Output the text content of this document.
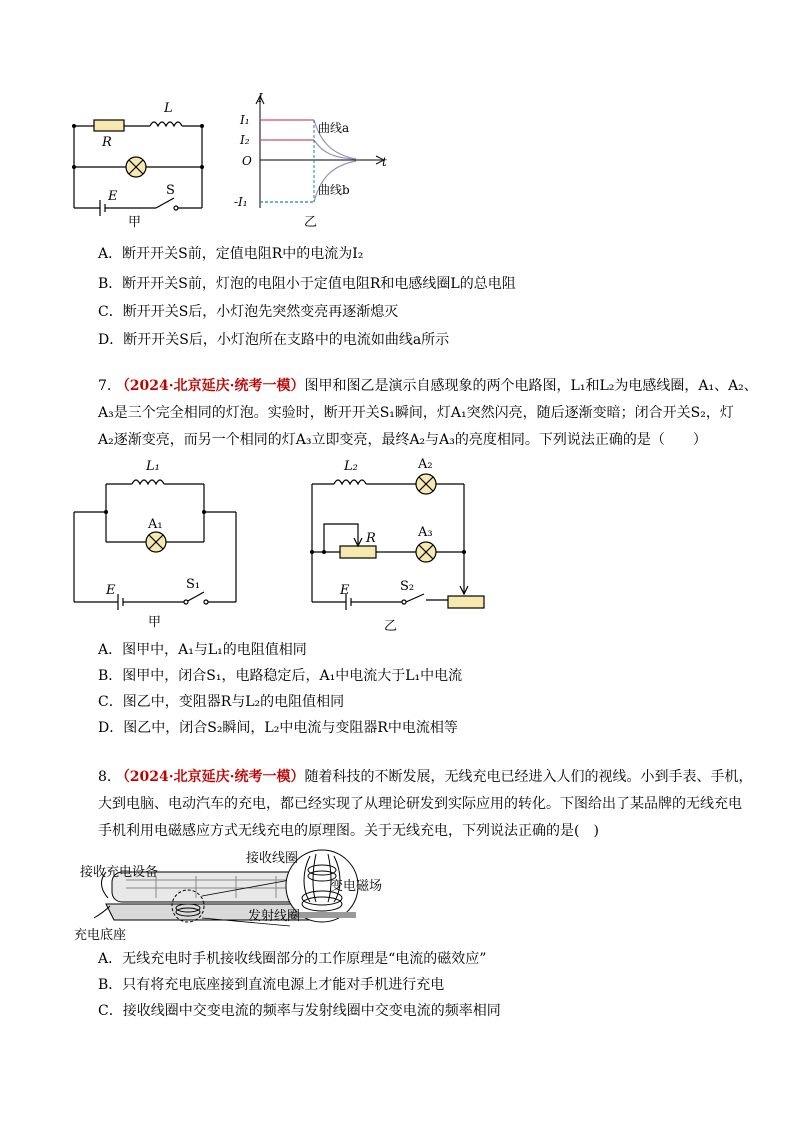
L
R
E	S
甲
I
I₁
I₂
O	t
-I₁
曲线a
曲线b
乙
A．断开开关S前，定值电阻R中的电流为I₂
B．断开开关S前，灯泡的电阻小于定值电阻R和电感线圈L的总电阻
C．断开开关S后，小灯泡先突然变亮再逐渐熄灭
D．断开开关S后，小灯泡所在支路中的电流如曲线a所示
7. （2024·北京延庆·统考一模）图甲和图乙是演示自感现象的两个电路图，L₁和L₂为电感线圈，A₁、A₂、
A₃是三个完全相同的灯泡。实验时，断开开关S₁瞬间，灯A₁突然闪亮，随后逐渐变暗；闭合开关S₂，灯
A₂逐渐变亮，而另一个相同的灯A₃立即变亮，最终A₂与A₃的亮度相同。下列说法正确的是（　　）
L₁
A₁
E	S₁
甲
L₂	A₂
R	A₃
E	S₂
乙
A．图甲中，A₁与L₁的电阻值相同
B．图甲中，闭合S₁，电路稳定后，A₁中电流大于L₁中电流
C．图乙中，变阻器R与L₂的电阻值相同
D．图乙中，闭合S₂瞬间，L₂中电流与变阻器R中电流相等
8. （2024·北京延庆·统考一模）随着科技的不断发展，无线充电已经进入人们的视线。小到手表、手机，
大到电脑、电动汽车的充电，都已经实现了从理论研发到实际应用的转化。下图给出了某品牌的无线充电
手机利用电磁感应方式无线充电的原理图。关于无线充电，下列说法正确的是(　)
接收充电设备
充电底座
接收线圈
变电磁场
发射线圈
A．无线充电时手机接收线圈部分的工作原理是“电流的磁效应”
B．只有将充电底座接到直流电源上才能对手机进行充电
C．接收线圈中交变电流的频率与发射线圈中交变电流的频率相同
